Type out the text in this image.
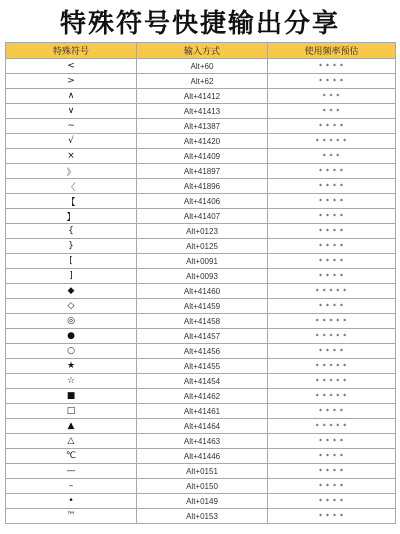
特殊符号快捷输出分享
特殊符号	输入方式	使用频率预估
<	Alt+60	* * * *
>	Alt+62	* * * *
∧	Alt+41412	* * *
∨	Alt+41413	* * *
~	Alt+41387	* * * *
√	Alt+41420	* * * * *
×	Alt+41409	* * *
》	Alt+41897	* * * *
〈	Alt+41896	* * * *
【	Alt+41406	* * * *
】	Alt+41407	* * * *
{	Alt+0123	* * * *
}	Alt+0125	* * * *
[	Alt+0091	* * * *
]	Alt+0093	* * * *
◆	Alt+41460	* * * * *
◇	Alt+41459	* * * *
◎	Alt+41458	* * * * *
●	Alt+41457	* * * * *
○	Alt+41456	* * * *
★	Alt+41455	* * * * *
☆	Alt+41454	* * * * *
■	Alt+41462	* * * * *
□	Alt+41461	* * * *
▲	Alt+41464	* * * * *
△	Alt+41463	* * * *
℃	Alt+41446	* * * *
—	Alt+0151	* * * *
–	Alt+0150	* * * *
•	Alt+0149	* * * *
™	Alt+0153	* * * *
